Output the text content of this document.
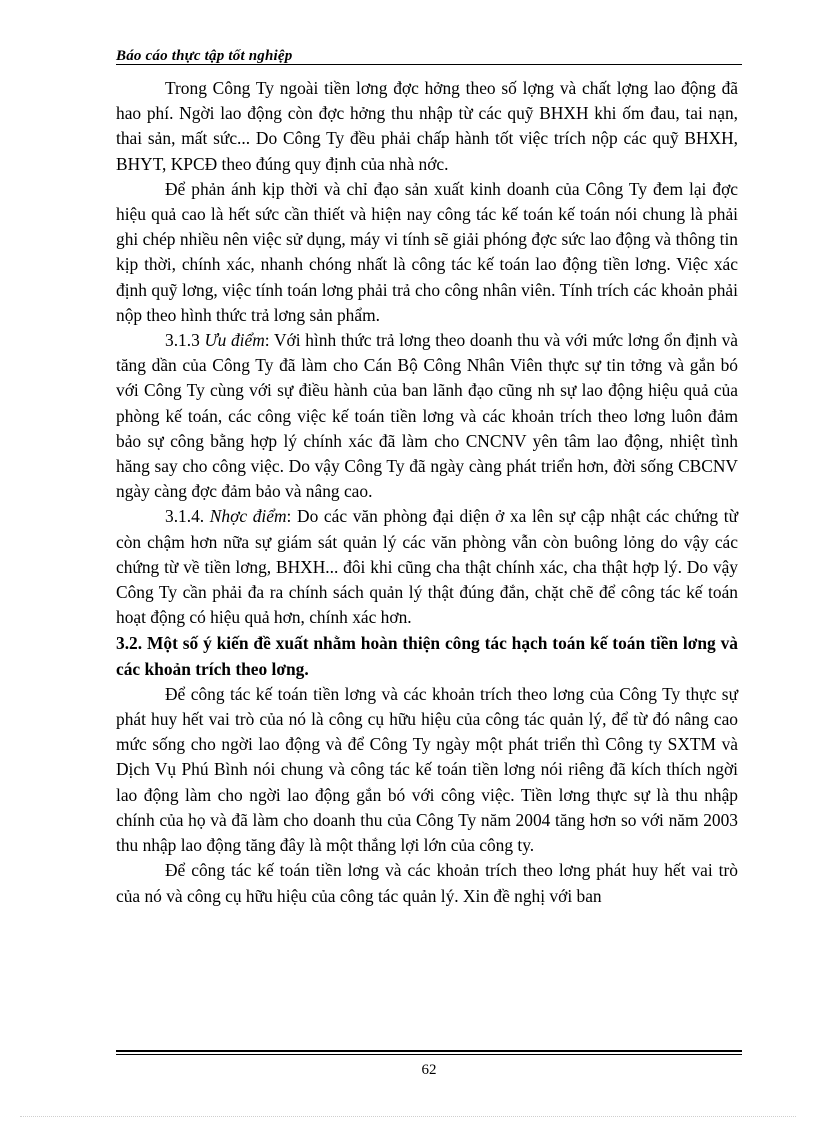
Báo cáo thực tập tốt nghiệp

Trong Công Ty ngoài tiền lơng đợc hởng theo số lợng và chất lợng lao động đã hao phí. Ngời lao động còn đợc hởng thu nhập từ các quỹ BHXH khi ốm đau, tai nạn, thai sản, mất sức... Do Công Ty đều phải chấp hành tốt việc trích nộp các quỹ BHXH, BHYT, KPCĐ theo đúng quy định của nhà nớc.

Để phản ánh kịp thời và chỉ đạo sản xuất kinh doanh của Công Ty đem lại đợc hiệu quả cao là hết sức cần thiết và hiện nay công tác kế toán kế toán nói chung là phải ghi chép nhiều nên việc sử dụng, máy vi tính sẽ giải phóng đợc sức lao động và thông tin kịp thời, chính xác, nhanh chóng nhất là công tác kế toán lao động tiền lơng. Việc xác định quỹ lơng, việc tính toán lơng phải trả cho công nhân viên. Tính trích các khoản phải nộp theo hình thức trả lơng sản phẩm.

3.1.3 Ưu điểm: Với hình thức trả lơng theo doanh thu và với mức lơng ổn định và tăng dần của Công Ty đã làm cho Cán Bộ Công Nhân Viên thực sự tin tởng và gắn bó với Công Ty cùng với sự điều hành của ban lãnh đạo cũng nh sự lao động hiệu quả của phòng kế toán, các công việc kế toán tiền lơng và các khoản trích theo lơng luôn đảm bảo sự công bằng hợp lý chính xác đã làm cho CNCNV yên tâm lao động, nhiệt tình hăng say cho công việc. Do vậy Công Ty đã ngày càng phát triển hơn, đời sống CBCNV ngày càng đợc đảm bảo và nâng cao.

3.1.4. Nhợc điểm: Do các văn phòng đại diện ở xa lên sự cập nhật các chứng từ còn chậm hơn nữa sự giám sát quản lý các văn phòng vẫn còn buông lỏng do vậy các chứng từ về tiền lơng, BHXH... đôi khi cũng cha thật chính xác, cha thật hợp lý. Do vậy Công Ty cần phải đa ra chính sách quản lý thật đúng đắn, chặt chẽ để công tác kế toán hoạt động có hiệu quả hơn, chính xác hơn.

3.2. Một số ý kiến đề xuất nhằm hoàn thiện công tác hạch toán kế toán tiền lơng và các khoản trích theo lơng.

Để công tác kế toán tiền lơng và các khoản trích theo lơng của Công Ty thực sự phát huy hết vai trò của nó là công cụ hữu hiệu của công tác quản lý, để từ đó nâng cao mức sống cho ngời lao động và để Công Ty ngày một phát triển thì Công ty SXTM và Dịch Vụ Phú Bình nói chung và công tác kế toán tiền lơng nói riêng đã kích thích ngời lao động làm cho ngời lao động gắn bó với công việc. Tiền lơng thực sự là thu nhập chính của họ và đã làm cho doanh thu của Công Ty năm 2004 tăng hơn so với năm 2003 thu nhập lao động tăng đây là một thắng lợi lớn của công ty.

Để công tác kế toán tiền lơng và các khoản trích theo lơng phát huy hết vai trò của nó và công cụ hữu hiệu của công tác quản lý. Xin đề nghị với ban

62
